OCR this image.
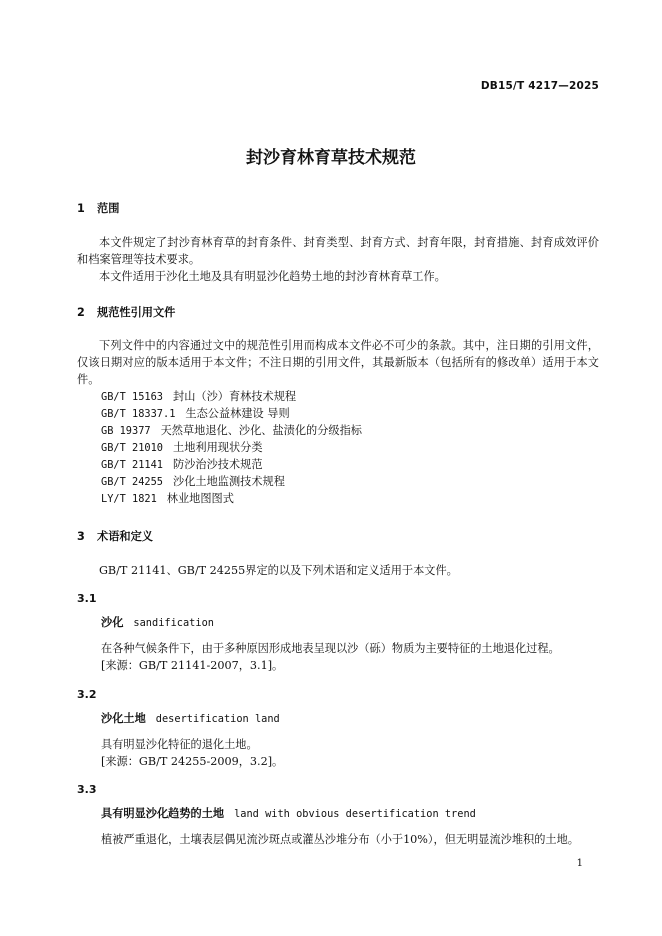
DB15/T 4217—2025
封沙育林育草技术规范
1 范围
本文件规定了封沙育林育草的封育条件、封育类型、封育方式、封育年限，封育措施、封育成效评价和档案管理等技术要求。
本文件适用于沙化土地及具有明显沙化趋势土地的封沙育林育草工作。
2 规范性引用文件
下列文件中的内容通过文中的规范性引用而构成本文件必不可少的条款。其中，注日期的引用文件，仅该日期对应的版本适用于本文件；不注日期的引用文件，其最新版本（包括所有的修改单）适用于本文件。
GB/T 15163 封山（沙）育林技术规程
GB/T 18337.1 生态公益林建设 导则
GB 19377 天然草地退化、沙化、盐渍化的分级指标
GB/T 21010 土地利用现状分类
GB/T 21141 防沙治沙技术规范
GB/T 24255 沙化土地监测技术规程
LY/T 1821 林业地图图式
3 术语和定义
GB/T 21141、GB/T 24255界定的以及下列术语和定义适用于本文件。
3.1
沙化 sandification
在各种气候条件下，由于多种原因形成地表呈现以沙（砾）物质为主要特征的土地退化过程。
[来源：GB/T 21141-2007，3.1]。
3.2
沙化土地 desertification land
具有明显沙化特征的退化土地。
[来源：GB/T 24255-2009，3.2]。
3.3
具有明显沙化趋势的土地 land with obvious desertification trend
植被严重退化，土壤表层偶见流沙斑点或灌丛沙堆分布（小于10%），但无明显流沙堆积的土地。
1
